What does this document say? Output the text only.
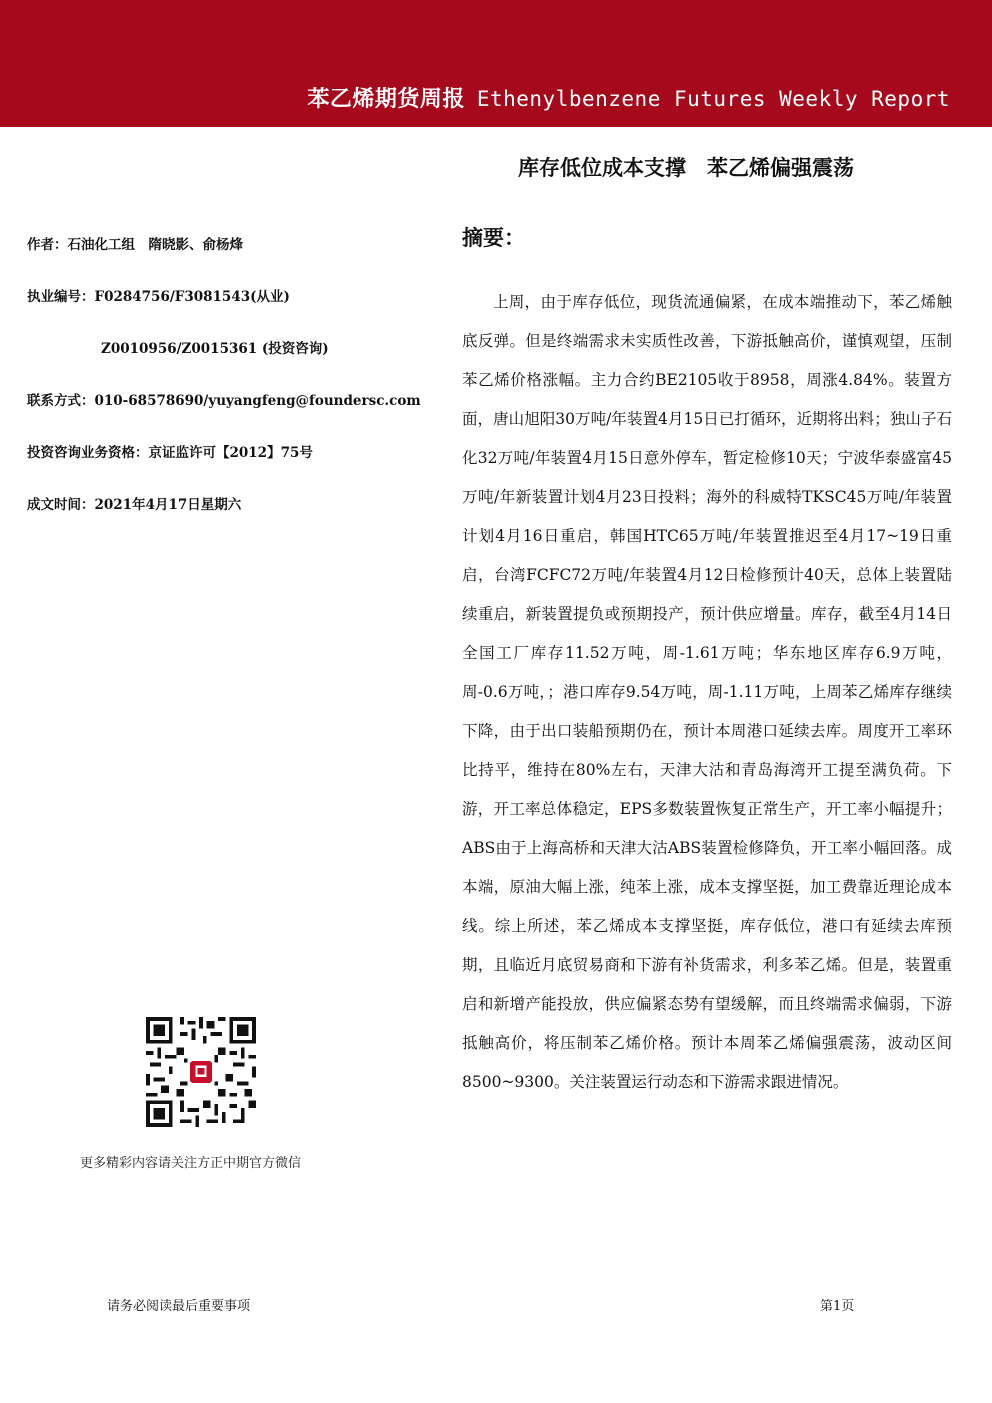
苯乙烯期货周报 Ethenylbenzene Futures Weekly Report
库存低位成本支撑　苯乙烯偏强震荡
作者：石油化工组　隋晓影、俞杨烽
执业编号：F0284756/F3081543(从业)
Z0010956/Z0015361 (投资咨询)
联系方式：010-68578690/yuyangfeng@foundersc.com
投资咨询业务资格：京证监许可【2012】75号
成文时间：2021年4月17日星期六
更多精彩内容请关注方正中期官方微信
摘要：
上周，由于库存低位，现货流通偏紧，在成本端推动下，苯乙烯触底反弹。但是终端需求未实质性改善，下游抵触高价，谨慎观望，压制苯乙烯价格涨幅。主力合约BE2105收于8958，周涨4.84%。装置方面，唐山旭阳30万吨/年装置4月15日已打循环，近期将出料；独山子石化32万吨/年装置4月15日意外停车，暂定检修10天；宁波华泰盛富45万吨/年新装置计划4月23日投料；海外的科威特TKSC45万吨/年装置计划4月16日重启，韩国HTC65万吨/年装置推迟至4月17~19日重启，台湾FCFC72万吨/年装置4月12日检修预计40天，总体上装置陆续重启，新装置提负或预期投产，预计供应增量。库存，截至4月14日全国工厂库存11.52万吨，周-1.61万吨；华东地区库存6.9万吨，周-0.6万吨，；港口库存9.54万吨，周-1.11万吨，上周苯乙烯库存继续下降，由于出口装船预期仍在，预计本周港口延续去库。周度开工率环比持平，维持在80%左右，天津大沽和青岛海湾开工提至满负荷。下游，开工率总体稳定，EPS多数装置恢复正常生产，开工率小幅提升；ABS由于上海高桥和天津大沽ABS装置检修降负，开工率小幅回落。成本端，原油大幅上涨，纯苯上涨，成本支撑坚挺，加工费靠近理论成本线。综上所述，苯乙烯成本支撑坚挺，库存低位，港口有延续去库预期，且临近月底贸易商和下游有补货需求，利多苯乙烯。但是，装置重启和新增产能投放，供应偏紧态势有望缓解，而且终端需求偏弱，下游抵触高价，将压制苯乙烯价格。预计本周苯乙烯偏强震荡，波动区间8500~9300。关注装置运行动态和下游需求跟进情况。
请务必阅读最后重要事项	第1页
